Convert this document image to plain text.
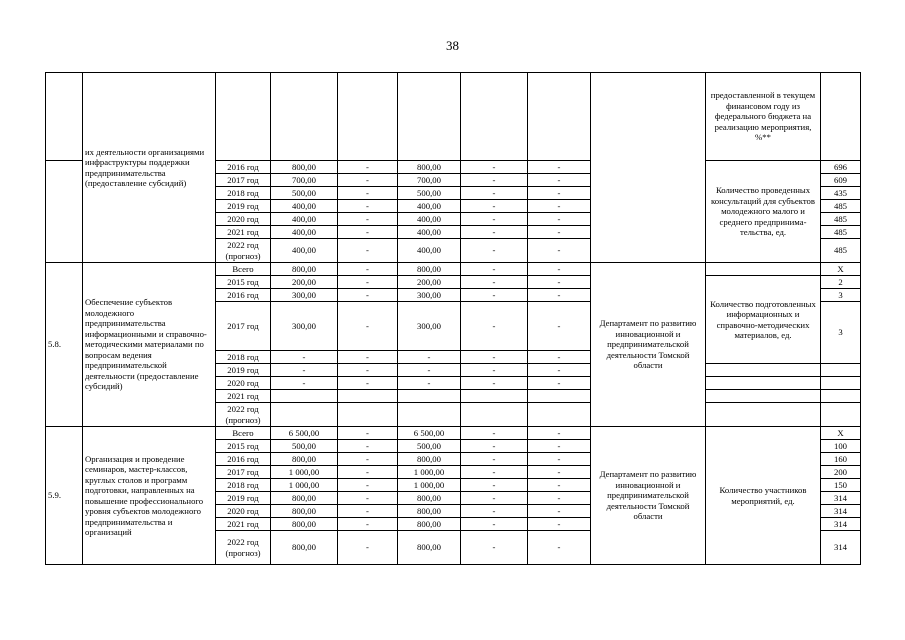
38
	их деятельности организациями инфраструктуры поддержки предпринимательства (предоставление субсидий)								предоставленной в текущем финансовом году из федерального бюджета на реализацию мероприятия, %**	
		2016 год	800,00	-	800,00	-	-		Количество проведенных консультаций для субъектов молодежного малого и среднего предпринима-тельства, ед.	696
		2017 год	700,00	-	700,00	-	-			609
		2018 год	500,00	-	500,00	-	-			435
		2019 год	400,00	-	400,00	-	-			485
		2020 год	400,00	-	400,00	-	-			485
		2021 год	400,00	-	400,00	-	-			485
		2022 год (прогноз)	400,00	-	400,00	-	-			485
5.8.	Обеспечение субъектов молодежного предпринимательства информационными и справочно-методическими материалами по вопросам ведения предпринимательской деятельности (предоставление субсидий)	Всего	800,00	-	800,00	-	-	Департамент по развитию инновационной и предпринимательской деятельности Томской области		X
		2015 год	200,00	-	200,00	-	-		Количество подготовленных информационных и справочно-методических материалов, ед.	2
		2016 год	300,00	-	300,00	-	-			3
		2017 год	300,00	-	300,00	-	-			3
		2018 год	-	-	-	-	-			
		2019 год	-	-	-	-	-			
		2020 год	-	-	-	-	-			
		2021 год								
		2022 год (прогноз)								
5.9.	Организация и проведение семинаров, мастер-классов, круглых столов и программ подготовки, направленных на повышение профессионального уровня субъектов молодежного предпринимательства и организаций	Всего	6 500,00	-	6 500,00	-	-	Департамент по развитию инновационной и предпринимательской деятельности Томской области	Количество участников мероприятий, ед.	X
		2015 год	500,00	-	500,00	-	-			100
		2016 год	800,00	-	800,00	-	-			160
		2017 год	1 000,00	-	1 000,00	-	-			200
		2018 год	1 000,00	-	1 000,00	-	-			150
		2019 год	800,00	-	800,00	-	-			314
		2020 год	800,00	-	800,00	-	-			314
		2021 год	800,00	-	800,00	-	-			314
		2022 год (прогноз)	800,00	-	800,00	-	-			314
